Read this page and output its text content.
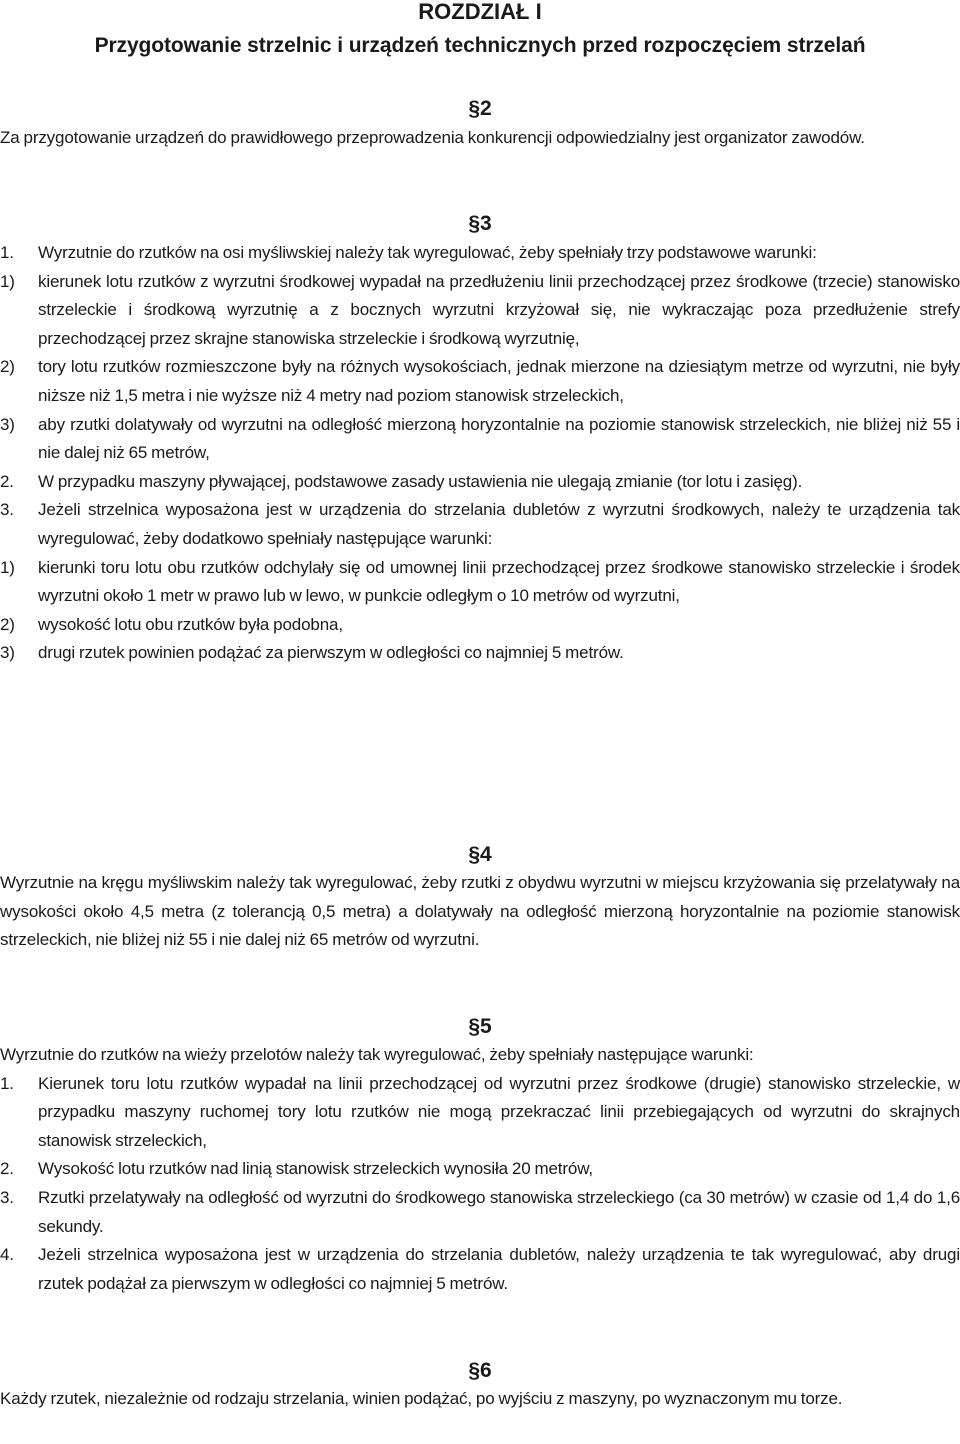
ROZDZIAŁ I
Przygotowanie strzelnic i urządzeń technicznych przed rozpoczęciem strzelań
§2
Za przygotowanie urządzeń do prawidłowego przeprowadzenia konkurencji odpowiedzialny jest organizator zawodów.
§3
1.	Wyrzutnie do rzutków na osi myśliwskiej należy tak wyregulować, żeby spełniały trzy podstawowe warunki:
1)	kierunek lotu rzutków z wyrzutni środkowej wypadał na przedłużeniu linii przechodzącej przez środkowe (trzecie) stanowisko strzeleckie i środkową wyrzutnię a z bocznych wyrzutni krzyżował się, nie wykraczając poza przedłużenie strefy przechodzącej przez skrajne stanowiska strzeleckie i środkową wyrzutnię,
2)	tory lotu rzutków rozmieszczone były na różnych wysokościach, jednak mierzone na dziesiątym metrze od wyrzutni, nie były niższe niż 1,5 metra i nie wyższe niż 4 metry nad poziom stanowisk strzeleckich,
3)	aby rzutki dolatywały od wyrzutni na odległość mierzoną horyzontalnie na poziomie stanowisk strzeleckich, nie bliżej niż 55 i nie dalej niż 65 metrów,
2.	W przypadku maszyny pływającej, podstawowe zasady ustawienia nie ulegają zmianie (tor lotu i zasięg).
3.	Jeżeli strzelnica wyposażona jest w urządzenia do strzelania dubletów z wyrzutni środkowych, należy te urządzenia tak wyregulować, żeby dodatkowo spełniały następujące warunki:
1)	kierunki toru lotu obu rzutków odchylały się od umownej linii przechodzącej przez środkowe stanowisko strzeleckie i środek wyrzutni około 1 metr w prawo lub w lewo, w punkcie odległym o 10 metrów od wyrzutni,
2)	wysokość lotu obu rzutków była podobna,
3)	drugi rzutek powinien podążać za pierwszym w odległości co najmniej 5 metrów.
§4
Wyrzutnie na kręgu myśliwskim należy tak wyregulować, żeby rzutki z obydwu wyrzutni w miejscu krzyżowania się przelatywały na wysokości około 4,5 metra (z tolerancją 0,5 metra) a dolatywały na odległość mierzoną horyzontalnie na poziomie stanowisk strzeleckich, nie bliżej niż 55 i nie dalej niż 65 metrów od wyrzutni.
§5
Wyrzutnie do rzutków na wieży przelotów należy tak wyregulować, żeby spełniały następujące warunki:
1.	Kierunek toru lotu rzutków wypadał na linii przechodzącej od wyrzutni przez środkowe (drugie) stanowisko strzeleckie, w przypadku maszyny ruchomej tory lotu rzutków nie mogą przekraczać linii przebiegających od wyrzutni do skrajnych stanowisk strzeleckich,
2.	Wysokość lotu rzutków nad linią stanowisk strzeleckich wynosiła 20 metrów,
3.	Rzutki przelatywały na odległość od wyrzutni do środkowego stanowiska strzeleckiego (ca 30 metrów) w czasie od 1,4 do 1,6 sekundy.
4.	Jeżeli strzelnica wyposażona jest w urządzenia do strzelania dubletów, należy urządzenia te tak wyregulować, aby drugi rzutek podążał za pierwszym w odległości co najmniej 5 metrów.
§6
Każdy rzutek, niezależnie od rodzaju strzelania, winien podążać, po wyjściu z maszyny, po wyznaczonym mu torze.
